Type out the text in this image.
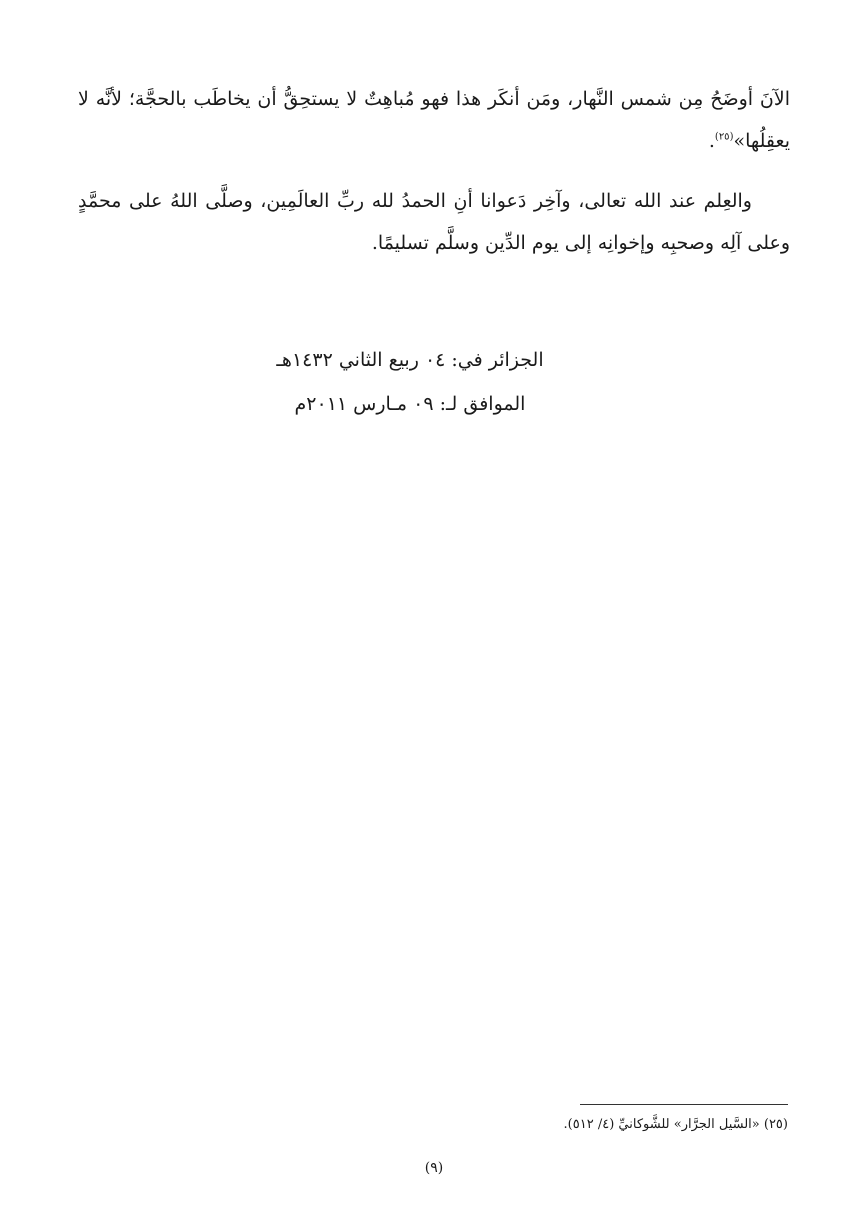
الآنَ أوضَحُ مِن شمس النَّهار، ومَن أنكَر هذا فهو مُباهِتٌ لا يستحِقُّ أن يخاطَب بالحجَّة؛ لأنَّه لا يعقِلُها»$^{(٢٥)}$.

والعِلم عند الله تعالى، وآخِر دَعوانا أنِ الحمدُ لله ربِّ العالَمِين، وصلَّى اللهُ على محمَّدٍ وعلى آلِه وصحبِه وإخوانِه إلى يوم الدِّين وسلَّم تسليمًا.

الجزائر في: ٠٤ ربيع الثاني ١٤٣٢هـ
الموافق لـ: ٠٩ مـارس ٢٠١١م
(٢٥) «السَّيل الجرَّار» للشَّوكانيِّ (٤/ ٥١٢).
(٩)
